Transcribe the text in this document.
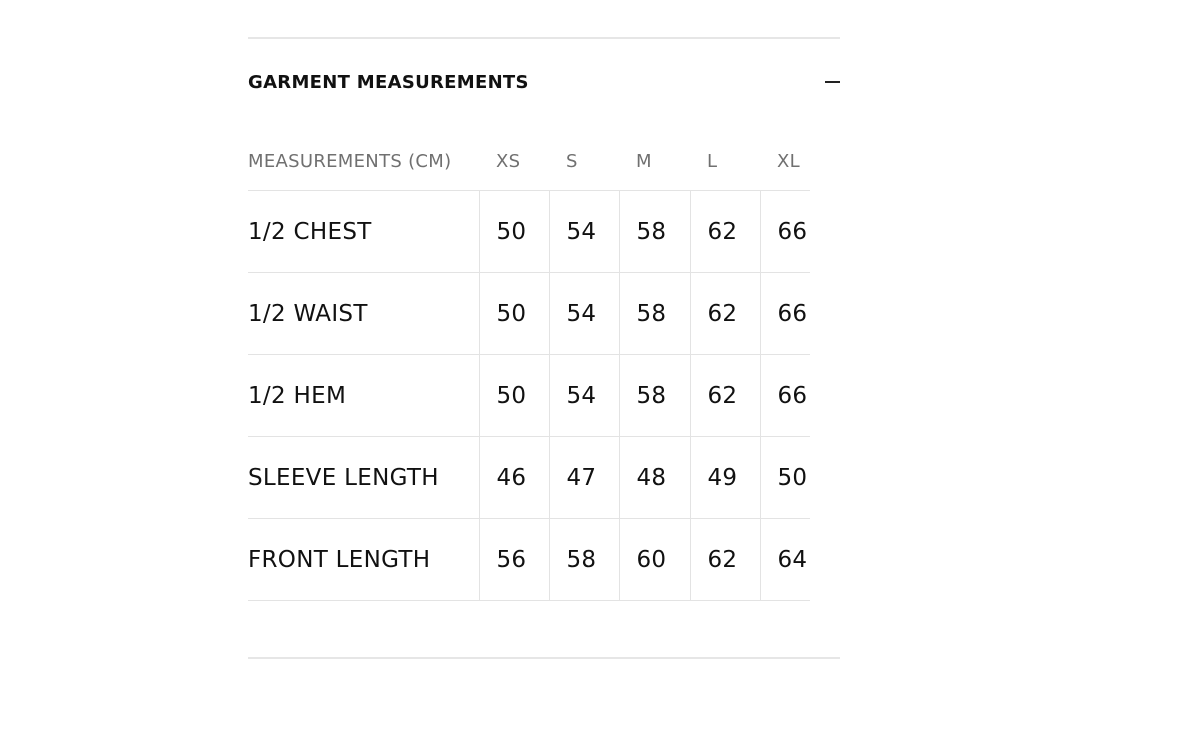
GARMENT MEASUREMENTS
MEASUREMENTS (CM)	XS	S	M	L	XL
1/2 CHEST	50	54	58	62	66
1/2 WAIST	50	54	58	62	66
1/2 HEM	50	54	58	62	66
SLEEVE LENGTH	46	47	48	49	50
FRONT LENGTH	56	58	60	62	64
